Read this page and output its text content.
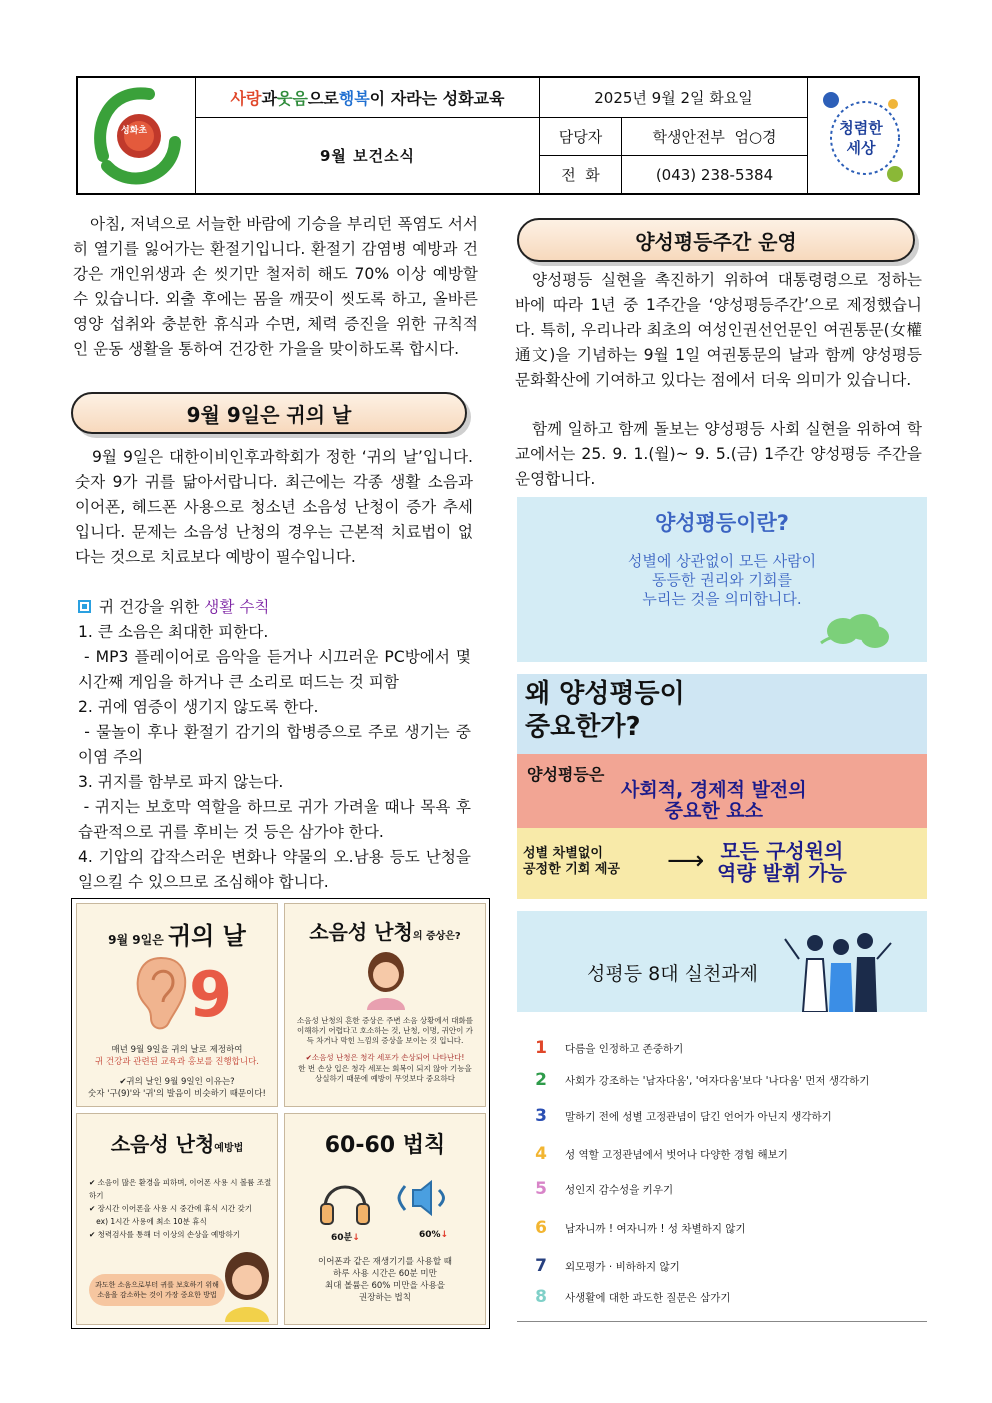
성화초
사랑 과 웃음 으로 행복 이 자라는 성화교육
9월 보건소식
2025년 9월 2일 화요일
담당자	학생안전부  엄○경
전  화	(043) 238-5384
청렴한 세상
아침, 저녁으로 서늘한 바람에 기승을 부리던 폭염도 서서히 열기를 잃어가는 환절기입니다. 환절기 감염병 예방과 건강은 개인위생과 손 씻기만 철저히 해도 70% 이상 예방할 수 있습니다. 외출 후에는 몸을 깨끗이 씻도록 하고, 올바른 영양 섭취와 충분한 휴식과 수면, 체력 증진을 위한 규칙적인 운동 생활을 통하여 건강한 가을을 맞이하도록 합시다.
9월 9일은 귀의 날
9월 9일은 대한이비인후과학회가 정한 ‘귀의 날’입니다. 숫자 9가 귀를 닮아서랍니다. 최근에는 각종 생활 소음과 이어폰, 헤드폰 사용으로 청소년 소음성 난청이 증가 추세입니다. 문제는 소음성 난청의 경우는 근본적 치료법이 없다는 것으로 치료보다 예방이 필수입니다.
귀 건강을 위한 생활 수칙
1. 큰 소음은 최대한 피한다.
- MP3 플레이어로 음악을 듣거나 시끄러운 PC방에서 몇 시간째 게임을 하거나 큰 소리로 떠드는 것 피함
2. 귀에 염증이 생기지 않도록 한다.
- 물놀이 후나 환절기 감기의 합병증으로 주로 생기는 중이염 주의
3. 귀지를 함부로 파지 않는다.
- 귀지는 보호막 역할을 하므로 귀가 가려울 때나 목욕 후 습관적으로 귀를 후비는 것 등은 삼가야 한다.
4. 기압의 갑작스러운 변화나 약물의 오.남용 등도 난청을 일으킬 수 있으므로 조심해야 합니다.
9월 9일은 귀의 날
9
매년 9월 9일을 귀의 날로 제정하여
귀 건강과 관련된 교육과 홍보를 진행합니다.
✔귀의 날인 9월 9일인 이유는?
숫자 '구(9)'와 '귀'의 발음이 비슷하기 때문이다!
소음성 난청의 증상은?
소음성 난청의 흔한 증상은 주변 소음 상황에서 대화를 이해하기 어렵다고 호소하는 것, 난청, 이명, 귀안이 가득 차거나 막힌 느낌의 증상을 보이는 것 입니다.
✔소음성 난청은 청각 세포가 손상되어 나타난다!
한 번 손상 입은 청각 세포는 회복이 되지 않아 기능을 상실하기 때문에 예방이 무엇보다 중요하다
소음성 난청예방법
✔ 소음이 많은 환경을 피하며, 이어폰 사용 시 볼륨 조절 하기
✔ 장시간 이어폰을 사용 시 중간에 휴식 시간 갖기
ex) 1시간 사용에 최소 10분 휴식
✔ 청력검사를 통해 더 이상의 손상을 예방하기
과도한 소음으로부터 귀를 보호하기 위해 소음을 감소하는 것이 가장 중요한 방법
60-60 법칙
60분↓	60%↓
이어폰과 같은 재생기기를 사용할 때
하루 사용 시간은 60분 미만
최대 볼륨은 60% 미만을 사용을
권장하는 법칙
양성평등주간 운영
양성평등 실현을 촉진하기 위하여 대통령령으로 정하는 바에 따라 1년 중 1주간을 ‘양성평등주간’으로 제정했습니다. 특히, 우리나라 최초의 여성인권선언문인 여권통문(女權通文)을 기념하는 9월 1일 여권통문의 날과 함께 양성평등 문화확산에 기여하고 있다는 점에서 더욱 의미가 있습니다.
함께 일하고 함께 돌보는 양성평등 사회 실현을 위하여 학교에서는 25. 9. 1.(월)~ 9. 5.(금) 1주간 양성평등 주간을 운영합니다.
양성평등이란?
성별에 상관없이 모든 사람이
동등한 권리와 기회를
누리는 것을 의미합니다.
왜 양성평등이
중요한가?
양성평등은
사회적, 경제적 발전의
중요한 요소
성별 차별없이
공정한 기회 제공 ⟶ 모든 구성원의
역량 발휘 가능
성평등 8대 실천과제
1	다름을 인정하고 존중하기
2	사회가 강조하는 '남자다움', '여자다움'보다 '나다움' 먼저 생각하기
3	말하기 전에 성별 고정관념이 담긴 언어가 아닌지 생각하기
4	성 역할 고정관념에서 벗어나 다양한 경험 해보기
5	성인지 감수성을 키우기
6	남자니까 ! 여자니까 ! 성 차별하지 않기
7	외모평가 · 비하하지 않기
8	사생활에 대한 과도한 질문은 삼가기
